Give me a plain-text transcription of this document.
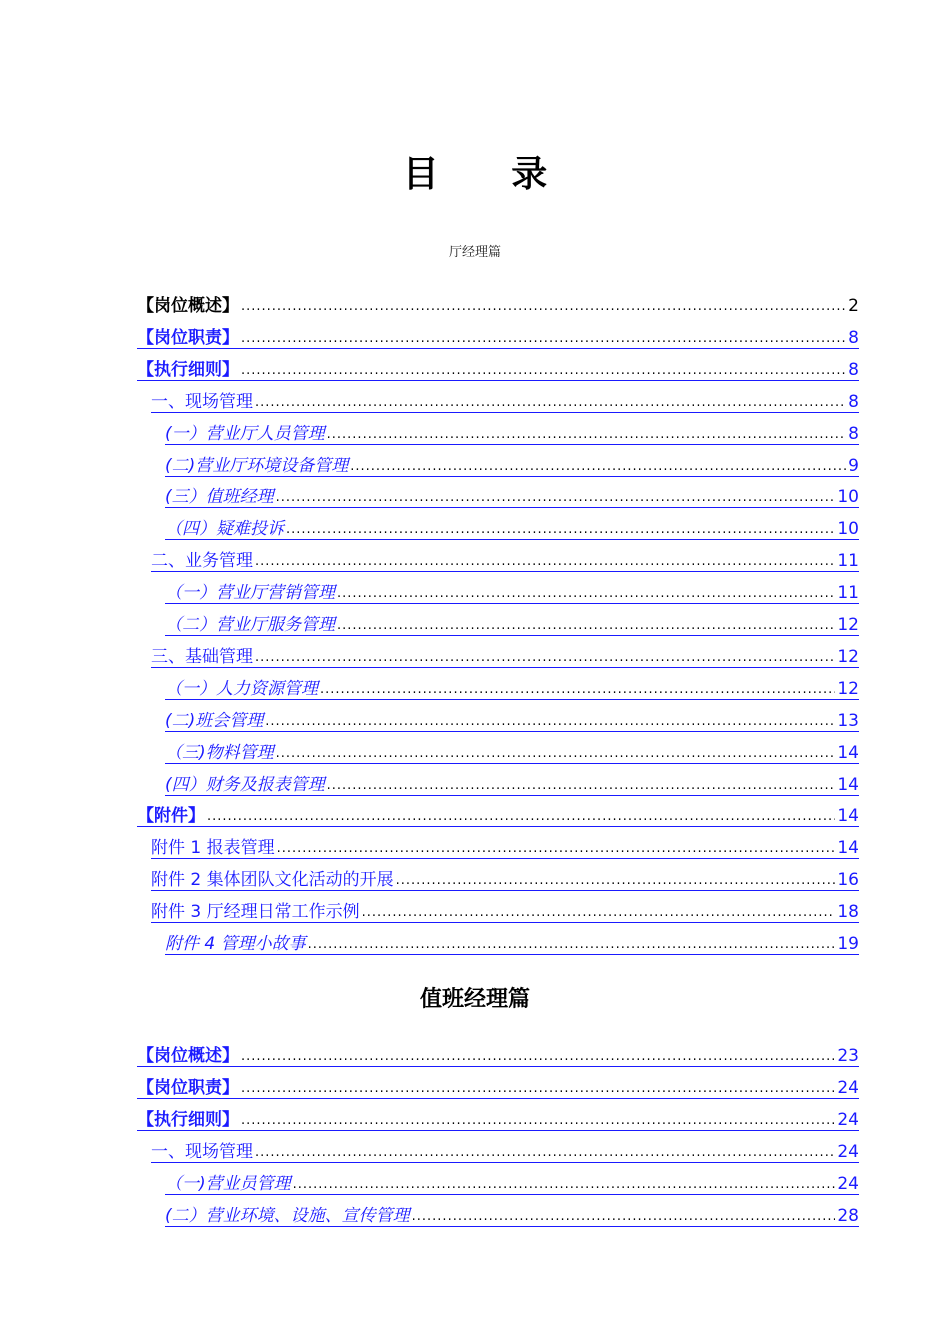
目 录
厅经理篇
【岗位概述】 .....	2
【岗位职责】 .....	8
【执行细则】 .....	8
一、现场管理 .....	8
(一）营业厅人员管理 .....	8
(二)营业厅环境设备管理 .....	9
(三）值班经理 .....	10
（四）疑难投诉 .....	10
二、业务管理 .....	11
（一）营业厅营销管理 .....	11
（二）营业厅服务管理 .....	12
三、基础管理 .....	12
（一）人力资源管理 .....	12
(二)班会管理 .....	13
（三)物料管理 .....	14
(四）财务及报表管理 .....	14
【附件】 .....	14
附件 1 报表管理 .....	14
附件 2 集体团队文化活动的开展 .....	16
附件 3 厅经理日常工作示例 .....	18
附件 4 管理小故事 .....	19
值班经理篇
【岗位概述】 .....	23
【岗位职责】 .....	24
【执行细则】 .....	24
一、现场管理 .....	24
（一)营业员管理 .....	24
(二）营业环境、设施、宣传管理 .....	28
